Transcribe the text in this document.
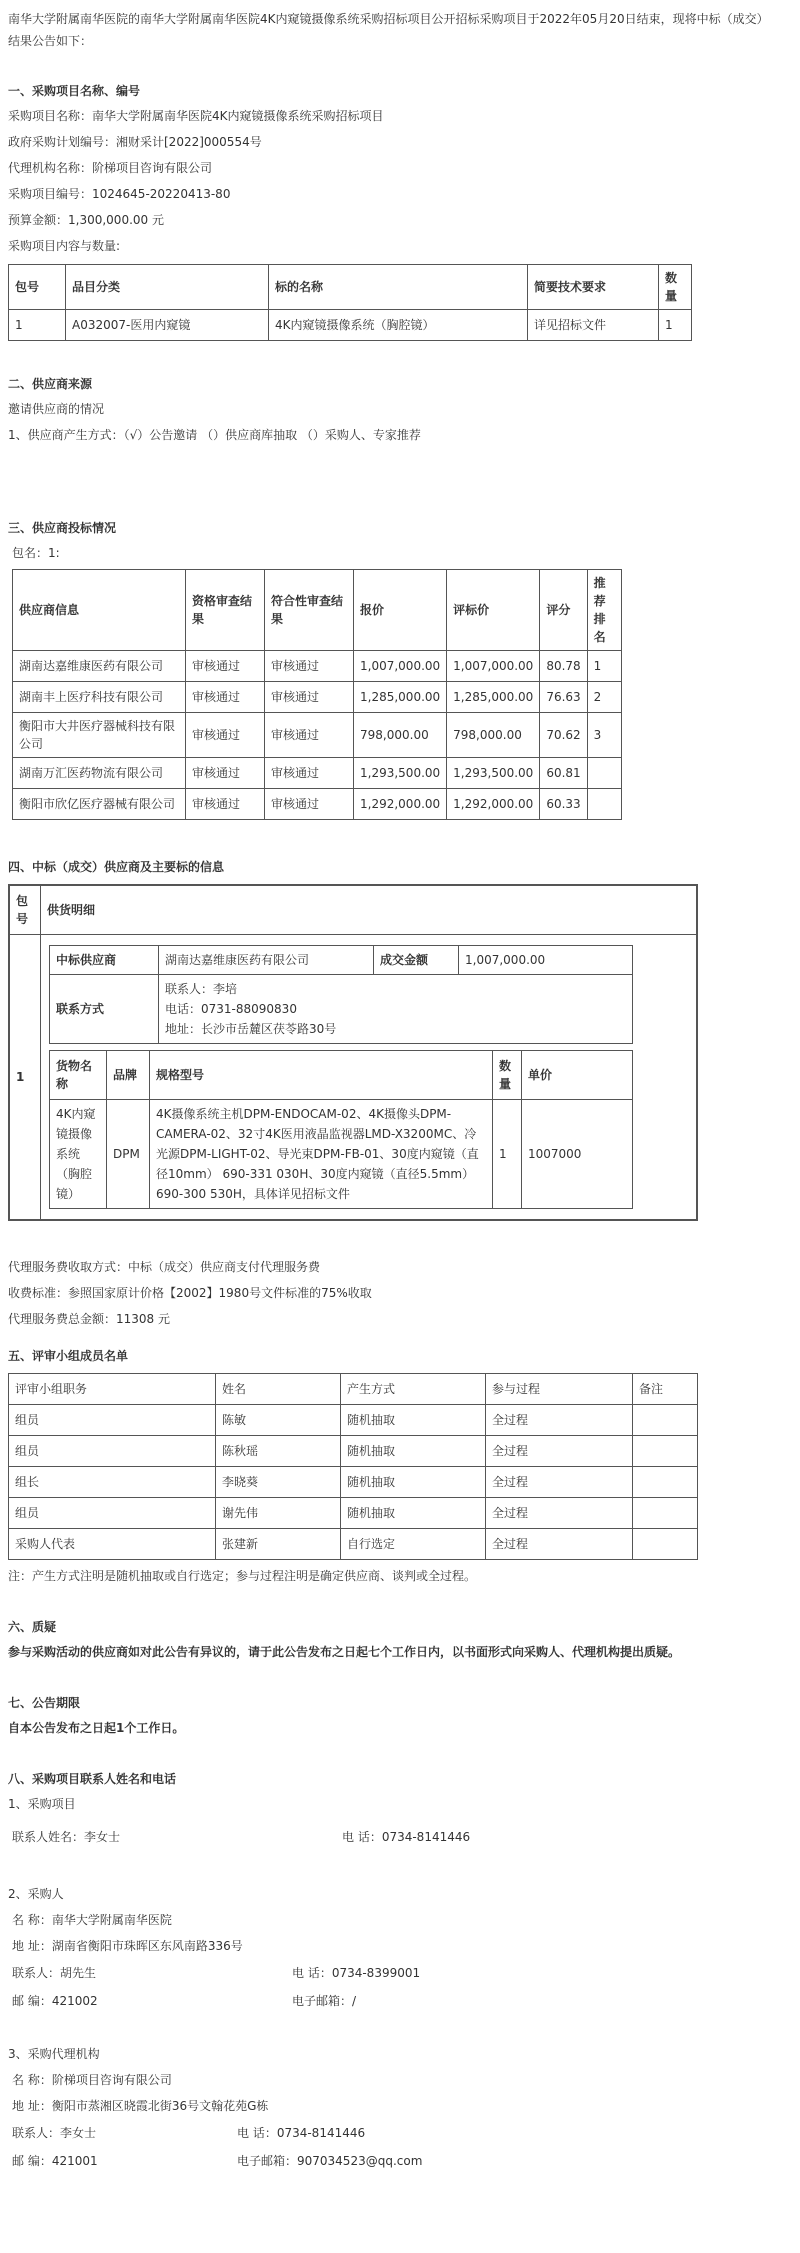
南华大学附属南华医院的南华大学附属南华医院4K内窥镜摄像系统采购招标项目公开招标采购项目于2022年05月20日结束，现将中标（成交）结果公告如下：

一、采购项目名称、编号

采购项目名称：南华大学附属南华医院4K内窥镜摄像系统采购招标项目

政府采购计划编号：湘财采计[2022]000554号

代理机构名称：阶梯项目咨询有限公司

采购项目编号：1024645-20220413-80

预算金额：1,300,000.00 元

采购项目内容与数量:

包号	品目分类	标的名称	简要技术要求	数量
1	A032007-医用内窥镜	4K内窥镜摄像系统（胸腔镜）	详见招标文件	1

二、供应商来源

邀请供应商的情况

1、供应商产生方式：（√）公告邀请 （）供应商库抽取 （）采购人、专家推荐

三、供应商投标情况

包名：1:

供应商信息	资格审查结果	符合性审查结果	报价	评标价	评分	推荐排名
湖南达嘉维康医药有限公司	审核通过	审核通过	1,007,000.00	1,007,000.00	80.78	1
湖南丰上医疗科技有限公司	审核通过	审核通过	1,285,000.00	1,285,000.00	76.63	2
衡阳市大井医疗器械科技有限公司	审核通过	审核通过	798,000.00	798,000.00	70.62	3
湖南万汇医药物流有限公司	审核通过	审核通过	1,293,500.00	1,293,500.00	60.81	
衡阳市欣亿医疗器械有限公司	审核通过	审核通过	1,292,000.00	1,292,000.00	60.33	

四、中标（成交）供应商及主要标的信息

包号	供货明细
1	
中标供应商	湖南达嘉维康医药有限公司	成交金额	1,007,000.00
联系方式	
联系人：李培
电话：0731-88090830
地址：长沙市岳麓区茯苓路30号
货物名称	品牌	规格型号	数量	单价
4K内窥镜摄像系统（胸腔镜）	DPM	4K摄像系统主机DPM-ENDOCAM-02、4K摄像头DPM-CAMERA-02、32寸4K医用液晶监视器LMD-X3200MC、冷光源DPM-LIGHT-02、导光束DPM-FB-01、30度内窥镜（直径10mm） 690-331 030H、30度内窥镜（直径5.5mm）690-300 530H，具体详见招标文件	1	1007000

代理服务费收取方式：中标（成交）供应商支付代理服务费

收费标准：参照国家原计价格【2002】1980号文件标准的75%收取

代理服务费总金额：11308 元

五、评审小组成员名单

评审小组职务	姓名	产生方式	参与过程	备注
组员	陈敏	随机抽取	全过程	
组员	陈秋瑶	随机抽取	全过程	
组长	李晓葵	随机抽取	全过程	
组员	谢先伟	随机抽取	全过程	
采购人代表	张建新	自行选定	全过程	

注：产生方式注明是随机抽取或自行选定；参与过程注明是确定供应商、谈判或全过程。

六、质疑

参与采购活动的供应商如对此公告有异议的，请于此公告发布之日起七个工作日内，以书面形式向采购人、代理机构提出质疑。

七、公告期限

自本公告发布之日起1个工作日。

八、采购项目联系人姓名和电话

1、采购项目

联系人姓名：李女士	电 话：0734-8141446

2、采购人

名 称：南华大学附属南华医院

地 址：湖南省衡阳市珠晖区东风南路336号

联系人：胡先生	电 话：0734-8399001
邮 编：421002	电子邮箱：/

3、采购代理机构

名 称：阶梯项目咨询有限公司

地 址：衡阳市蒸湘区晓霞北街36号文翰花苑G栋

联系人：李女士	电 话：0734-8141446
邮 编：421001	电子邮箱：907034523@qq.com
